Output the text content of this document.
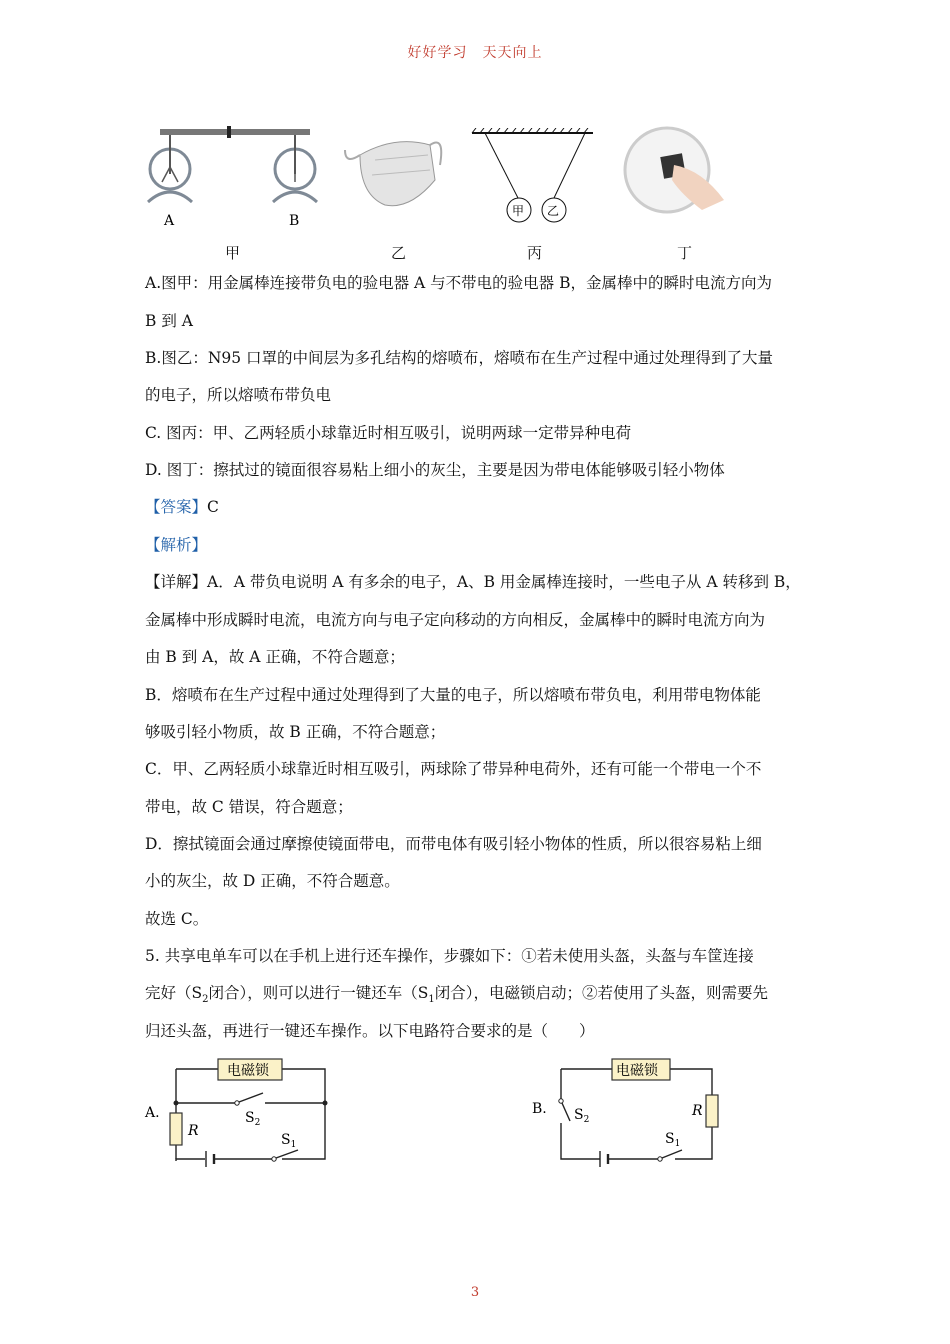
好好学习　天天向上
A	B
甲 乙
甲	乙	丙	丁
A.图甲：用金属棒连接带负电的验电器 A 与不带电的验电器 B，金属棒中的瞬时电流方向为
B 到 A
B.图乙：N95 口罩的中间层为多孔结构的熔喷布，熔喷布在生产过程中通过处理得到了大量
的电子，所以熔喷布带负电
C. 图丙：甲、乙两轻质小球靠近时相互吸引，说明两球一定带异种电荷
D. 图丁：擦拭过的镜面很容易粘上细小的灰尘，主要是因为带电体能够吸引轻小物体
【答案】C
【解析】
【详解】A．A 带负电说明 A 有多余的电子，A、B 用金属棒连接时，一些电子从 A 转移到 B，
金属棒中形成瞬时电流，电流方向与电子定向移动的方向相反，金属棒中的瞬时电流方向为
由 B 到 A，故 A 正确，不符合题意；
B．熔喷布在生产过程中通过处理得到了大量的电子，所以熔喷布带负电，利用带电物体能
够吸引轻小物质，故 B 正确，不符合题意；
C．甲、乙两轻质小球靠近时相互吸引，两球除了带异种电荷外，还有可能一个带电一个不
带电，故 C 错误，符合题意；
D．擦拭镜面会通过摩擦使镜面带电，而带电体有吸引轻小物体的性质，所以很容易粘上细
小的灰尘，故 D 正确，不符合题意。
故选 C。
5. 共享电单车可以在手机上进行还车操作，步骤如下：①若未使用头盔，头盔与车筐连接
完好（$S_2$闭合），则可以进行一键还车（$S_1$闭合），电磁锁启动；②若使用了头盔，则需要先
归还头盔，再进行一键还车操作。以下电路符合要求的是（　　）
A.
电磁锁
R
$S_2$
$S_1$
B.
电磁锁
R
$S_2$
$S_1$
3
